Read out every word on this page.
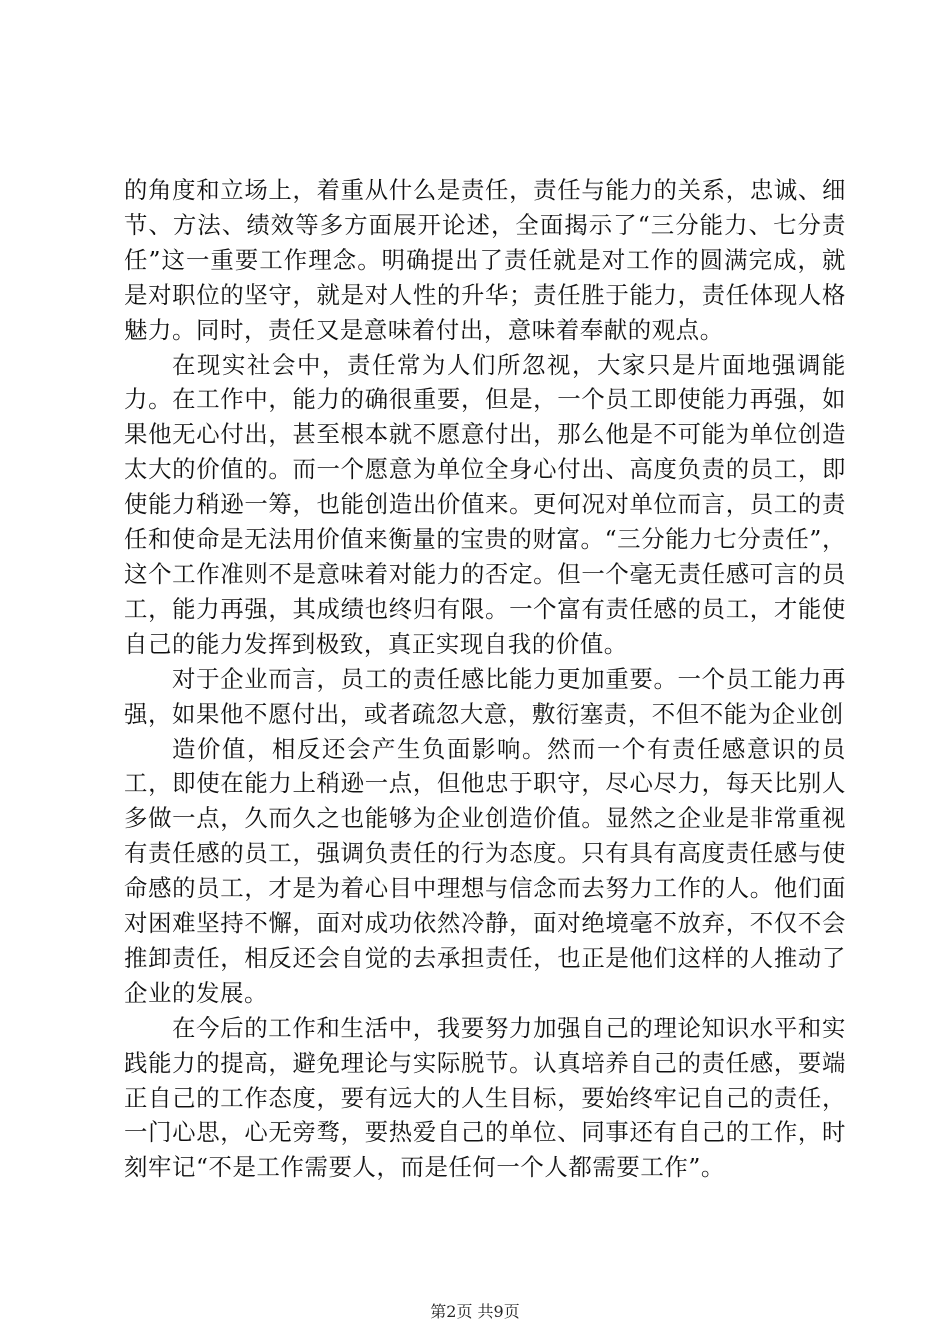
的角度和立场上，着重从什么是责任，责任与能力的关系，忠诚、细节、方法、绩效等多方面展开论述，全面揭示了“三分能力、七分责任”这一重要工作理念。明确提出了责任就是对工作的圆满完成，就是对职位的坚守，就是对人性的升华；责任胜于能力，责任体现人格魅力。同时，责任又是意味着付出，意味着奉献的观点。

在现实社会中，责任常为人们所忽视，大家只是片面地强调能力。在工作中，能力的确很重要，但是，一个员工即使能力再强，如果他无心付出，甚至根本就不愿意付出，那么他是不可能为单位创造太大的价值的。而一个愿意为单位全身心付出、高度负责的员工，即使能力稍逊一筹，也能创造出价值来。更何况对单位而言，员工的责任和使命是无法用价值来衡量的宝贵的财富。“三分能力七分责任”，这个工作准则不是意味着对能力的否定。但一个毫无责任感可言的员工，能力再强，其成绩也终归有限。一个富有责任感的员工，才能使自己的能力发挥到极致，真正实现自我的价值。

对于企业而言，员工的责任感比能力更加重要。一个员工能力再强，如果他不愿付出，或者疏忽大意，敷衍塞责，不但不能为企业创

造价值，相反还会产生负面影响。然而一个有责任感意识的员工，即使在能力上稍逊一点，但他忠于职守，尽心尽力，每天比别人多做一点，久而久之也能够为企业创造价值。显然之企业是非常重视有责任感的员工，强调负责任的行为态度。只有具有高度责任感与使命感的员工，才是为着心目中理想与信念而去努力工作的人。他们面对困难坚持不懈，面对成功依然冷静，面对绝境毫不放弃，不仅不会推卸责任，相反还会自觉的去承担责任，也正是他们这样的人推动了企业的发展。

在今后的工作和生活中，我要努力加强自己的理论知识水平和实践能力的提高，避免理论与实际脱节。认真培养自己的责任感，要端正自己的工作态度，要有远大的人生目标，要始终牢记自己的责任，一门心思，心无旁骛，要热爱自己的单位、同事还有自己的工作，时刻牢记“不是工作需要人，而是任何一个人都需要工作”。

第2页 共9页
